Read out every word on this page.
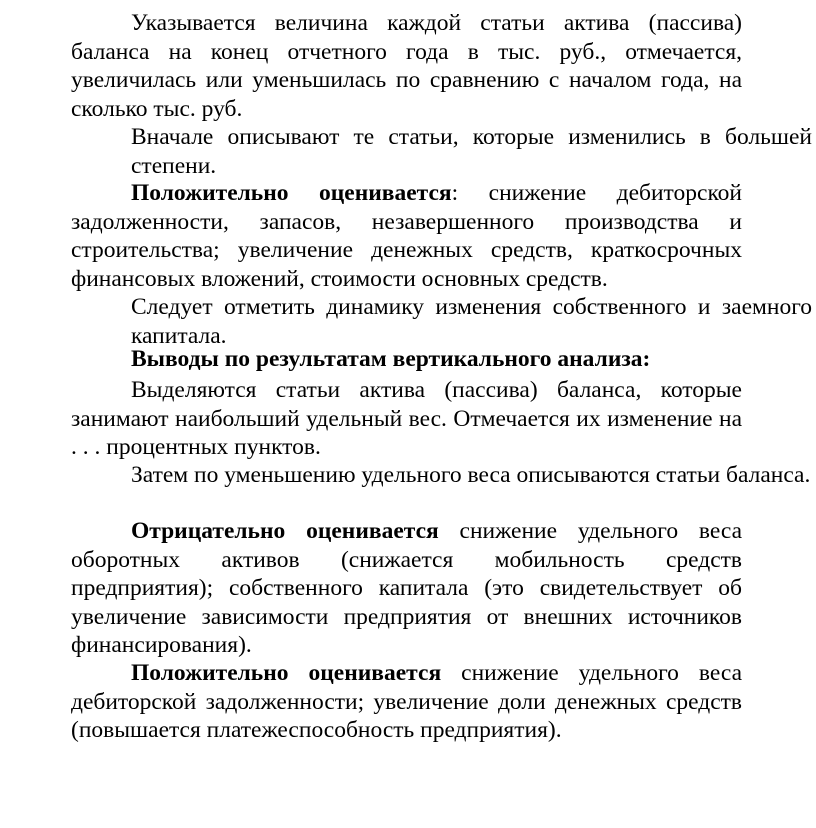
Указывается величина каждой статьи актива (пассива) баланса на конец отчетного года в тыс. руб., отмечается, увеличилась или уменьшилась по сравнению с началом года, на сколько тыс. руб.

Вначале описывают те статьи, которые изменились в большей степени.

Положительно оценивается: снижение дебиторской задолженности, запасов, незавершенного производства и строительства; увеличение денежных средств, краткосрочных финансовых вложений, стоимости основных средств.

Следует отметить динамику изменения собственного и заемного капитала.

Выводы по результатам вертикального анализа:

Выделяются статьи актива (пассива) баланса, которые занимают наибольший удельный вес. Отмечается их изменение на . . . процентных пунктов.

Затем по уменьшению удельного веса описываются статьи баланса.

Отрицательно оценивается снижение удельного веса оборотных активов (снижается мобильность средств предприятия); собственного капитала (это свидетельствует об увеличение зависимости предприятия от внешних источников финансирования).

Положительно оценивается снижение удельного веса дебиторской задолженности; увеличение доли денежных средств (повышается платежеспособность предприятия).
